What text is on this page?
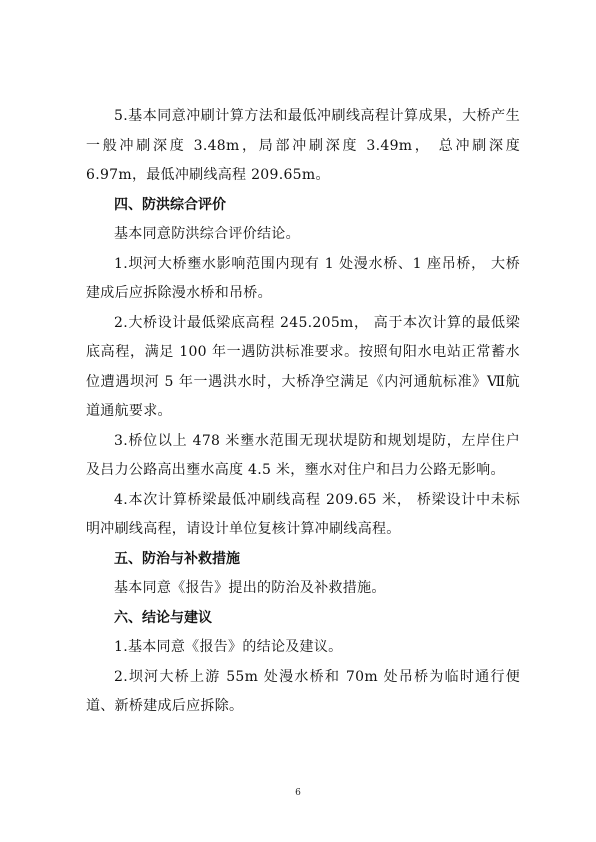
5.基本同意冲刷计算方法和最低冲刷线高程计算成果，大桥产生一般冲刷深度 3.48m，局部冲刷深度 3.49m， 总冲刷深度 6.97m，最低冲刷线高程 209.65m。

四、防洪综合评价

基本同意防洪综合评价结论。

1.坝河大桥壅水影响范围内现有 1 处漫水桥、1 座吊桥， 大桥建成后应拆除漫水桥和吊桥。

2.大桥设计最低梁底高程 245.205m， 高于本次计算的最低梁底高程，满足 100 年一遇防洪标准要求。按照旬阳水电站正常蓄水位遭遇坝河 5 年一遇洪水时，大桥净空满足《内河通航标准》Ⅶ航道通航要求。

3.桥位以上 478 米壅水范围无现状堤防和规划堤防，左岸住户及吕力公路高出壅水高度 4.5 米，壅水对住户和吕力公路无影响。

4.本次计算桥梁最低冲刷线高程 209.65 米， 桥梁设计中未标明冲刷线高程，请设计单位复核计算冲刷线高程。

五、防治与补救措施

基本同意《报告》提出的防治及补救措施。

六、结论与建议

1.基本同意《报告》的结论及建议。

2.坝河大桥上游 55m 处漫水桥和 70m 处吊桥为临时通行便道、新桥建成后应拆除。

6
